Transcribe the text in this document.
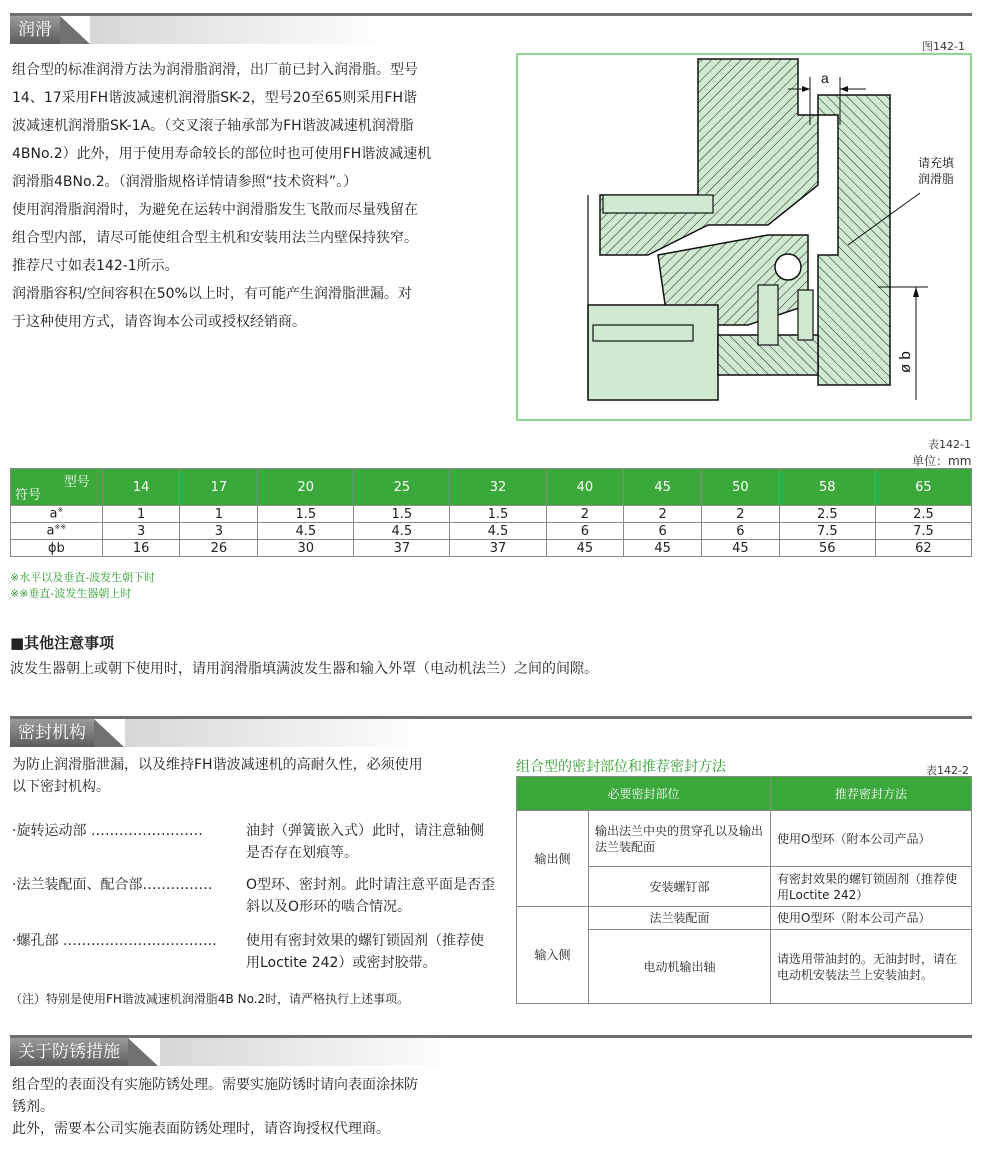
润滑

组合型的标准润滑方法为润滑脂润滑，出厂前已封入润滑脂。型号

14、17采用FH谐波减速机润滑脂SK-2，型号20至65则采用FH谐

波减速机润滑脂SK-1A。（交叉滚子轴承部为FH谐波减速机润滑脂

4BNo.2）此外，用于使用寿命较长的部位时也可使用FH谐波减速机

润滑脂4BNo.2。（润滑脂规格详情请参照“技术资料”。）

使用润滑脂润滑时，为避免在运转中润滑脂发生飞散而尽量残留在

组合型内部，请尽可能使组合型主机和安装用法兰内壁保持狭窄。

推荐尺寸如表142-1所示。

润滑脂容积/空间容积在50%以上时，有可能产生润滑脂泄漏。对

于这种使用方式，请咨询本公司或授权经销商。

图142-1
a
ø b
请充填
润滑脂
表142-1
单位：mm
型号
符号	14	17	20	25	32	40	45	50	58	65
a※	1	1	1.5	1.5	1.5	2	2	2	2.5	2.5
a※※	3	3	4.5	4.5	4.5	6	6	6	7.5	7.5
ϕb	16	26	30	37	37	45	45	45	56	62
※水平以及垂直-波发生朝下时
※※垂直-波发生器朝上时
■其他注意事项
波发生器朝上或朝下使用时，请用润滑脂填满波发生器和输入外罩（电动机法兰）之间的间隙。
密封机构

为防止润滑脂泄漏，以及维持FH谐波减速机的高耐久性，必须使用

以下密封机构。

·旋转运动部 ……………………	油封（弹簧嵌入式）此时，请注意轴侧是否存在划痕等。
·法兰装配面、配合部…………… O型环、密封剂。此时请注意平面是否歪斜以及O形环的啮合情况。
·螺孔部 …………………………… 使用有密封效果的螺钉锁固剂（推荐使用Loctite 242）或密封胶带。
（注）特别是使用FH谐波减速机润滑脂4B No.2时，请严格执行上述事项。
组合型的密封部位和推荐密封方法	表142-2
必要密封部位		推荐密封方法
输出侧	输出法兰中央的贯穿孔以及输出法兰装配面	使用O型环（附本公司产品）
	安装螺钉部	有密封效果的螺钉锁固剂（推荐使用Loctite 242）
输入侧	法兰装配面	使用O型环（附本公司产品）
	电动机输出轴	请选用带油封的。无油封时，请在电动机安装法兰上安装油封。
关于防锈措施

组合型的表面没有实施防锈处理。需要实施防锈时请向表面涂抹防

锈剂。

此外，需要本公司实施表面防锈处理时，请咨询授权代理商。
